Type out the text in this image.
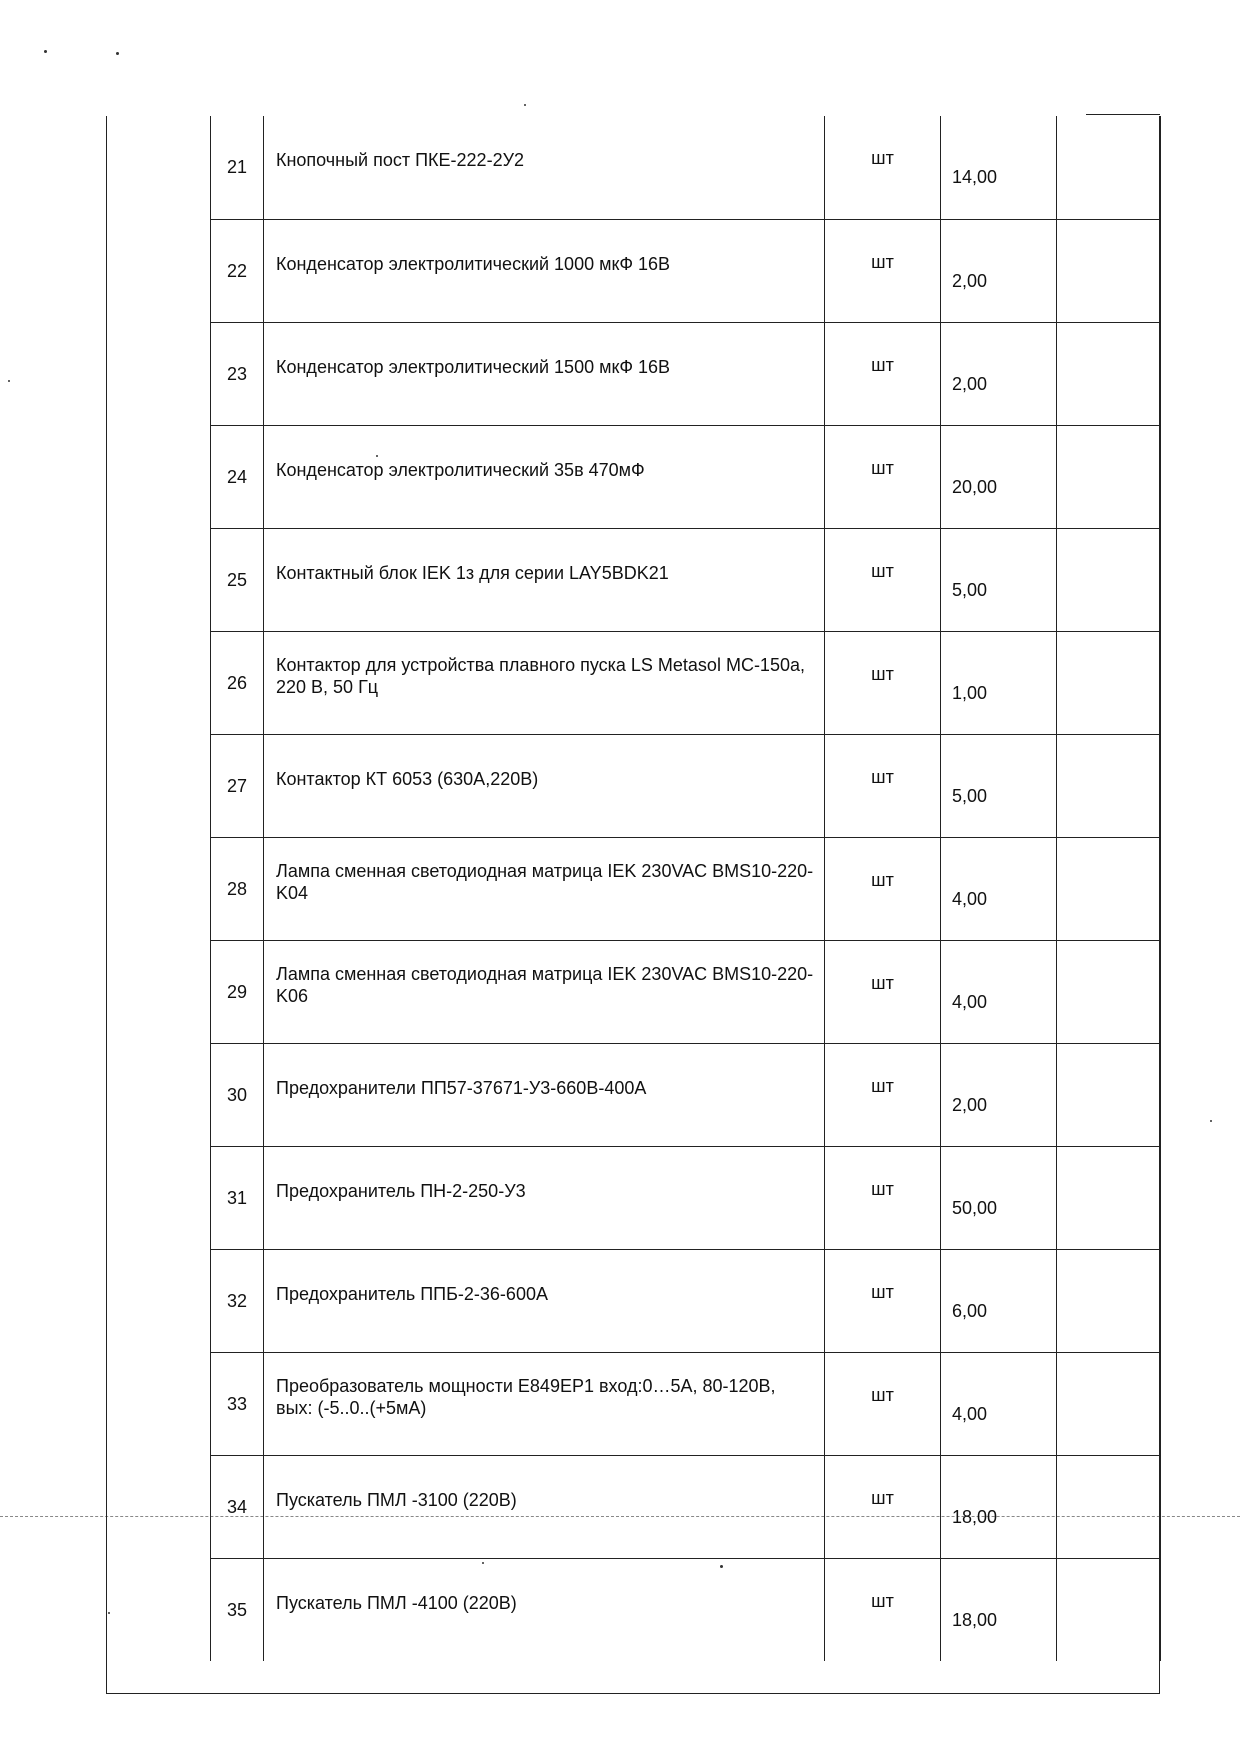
21	Кнопочный пост ПКЕ-222-2У2	шт	14,00	
22	Конденсатор электролитический 1000 мкФ 16В	шт	2,00	
23	Конденсатор электролитический 1500 мкФ 16В	шт	2,00	
24	Конденсатор электролитический 35в 470мФ	шт	20,00	
25	Контактный блок IEK 1з для серии LAY5BDK21	шт	5,00	
26	Контактор для устройства плавного пуска LS Metasol MC-150a, 220 В, 50 Гц	шт	1,00	
27	Контактор КТ 6053 (630А,220В)	шт	5,00	
28	Лампа сменная светодиодная матрица IEK 230VAC BMS10-220-K04	шт	4,00	
29	Лампа сменная светодиодная матрица IEK 230VAC BMS10-220-K06	шт	4,00	
30	Предохранители ПП57-37671-У3-660В-400А	шт	2,00	
31	Предохранитель ПН-2-250-У3	шт	50,00	
32	Предохранитель ППБ-2-36-600А	шт	6,00	
33	Преобразователь мощности Е849ЕР1 вход:0…5А, 80-120В, вых: (-5..0..(+5мА)	шт	4,00	
34	Пускатель ПМЛ -3100 (220В)	шт	18,00	
35	Пускатель ПМЛ -4100 (220В)	шт	18,00	
